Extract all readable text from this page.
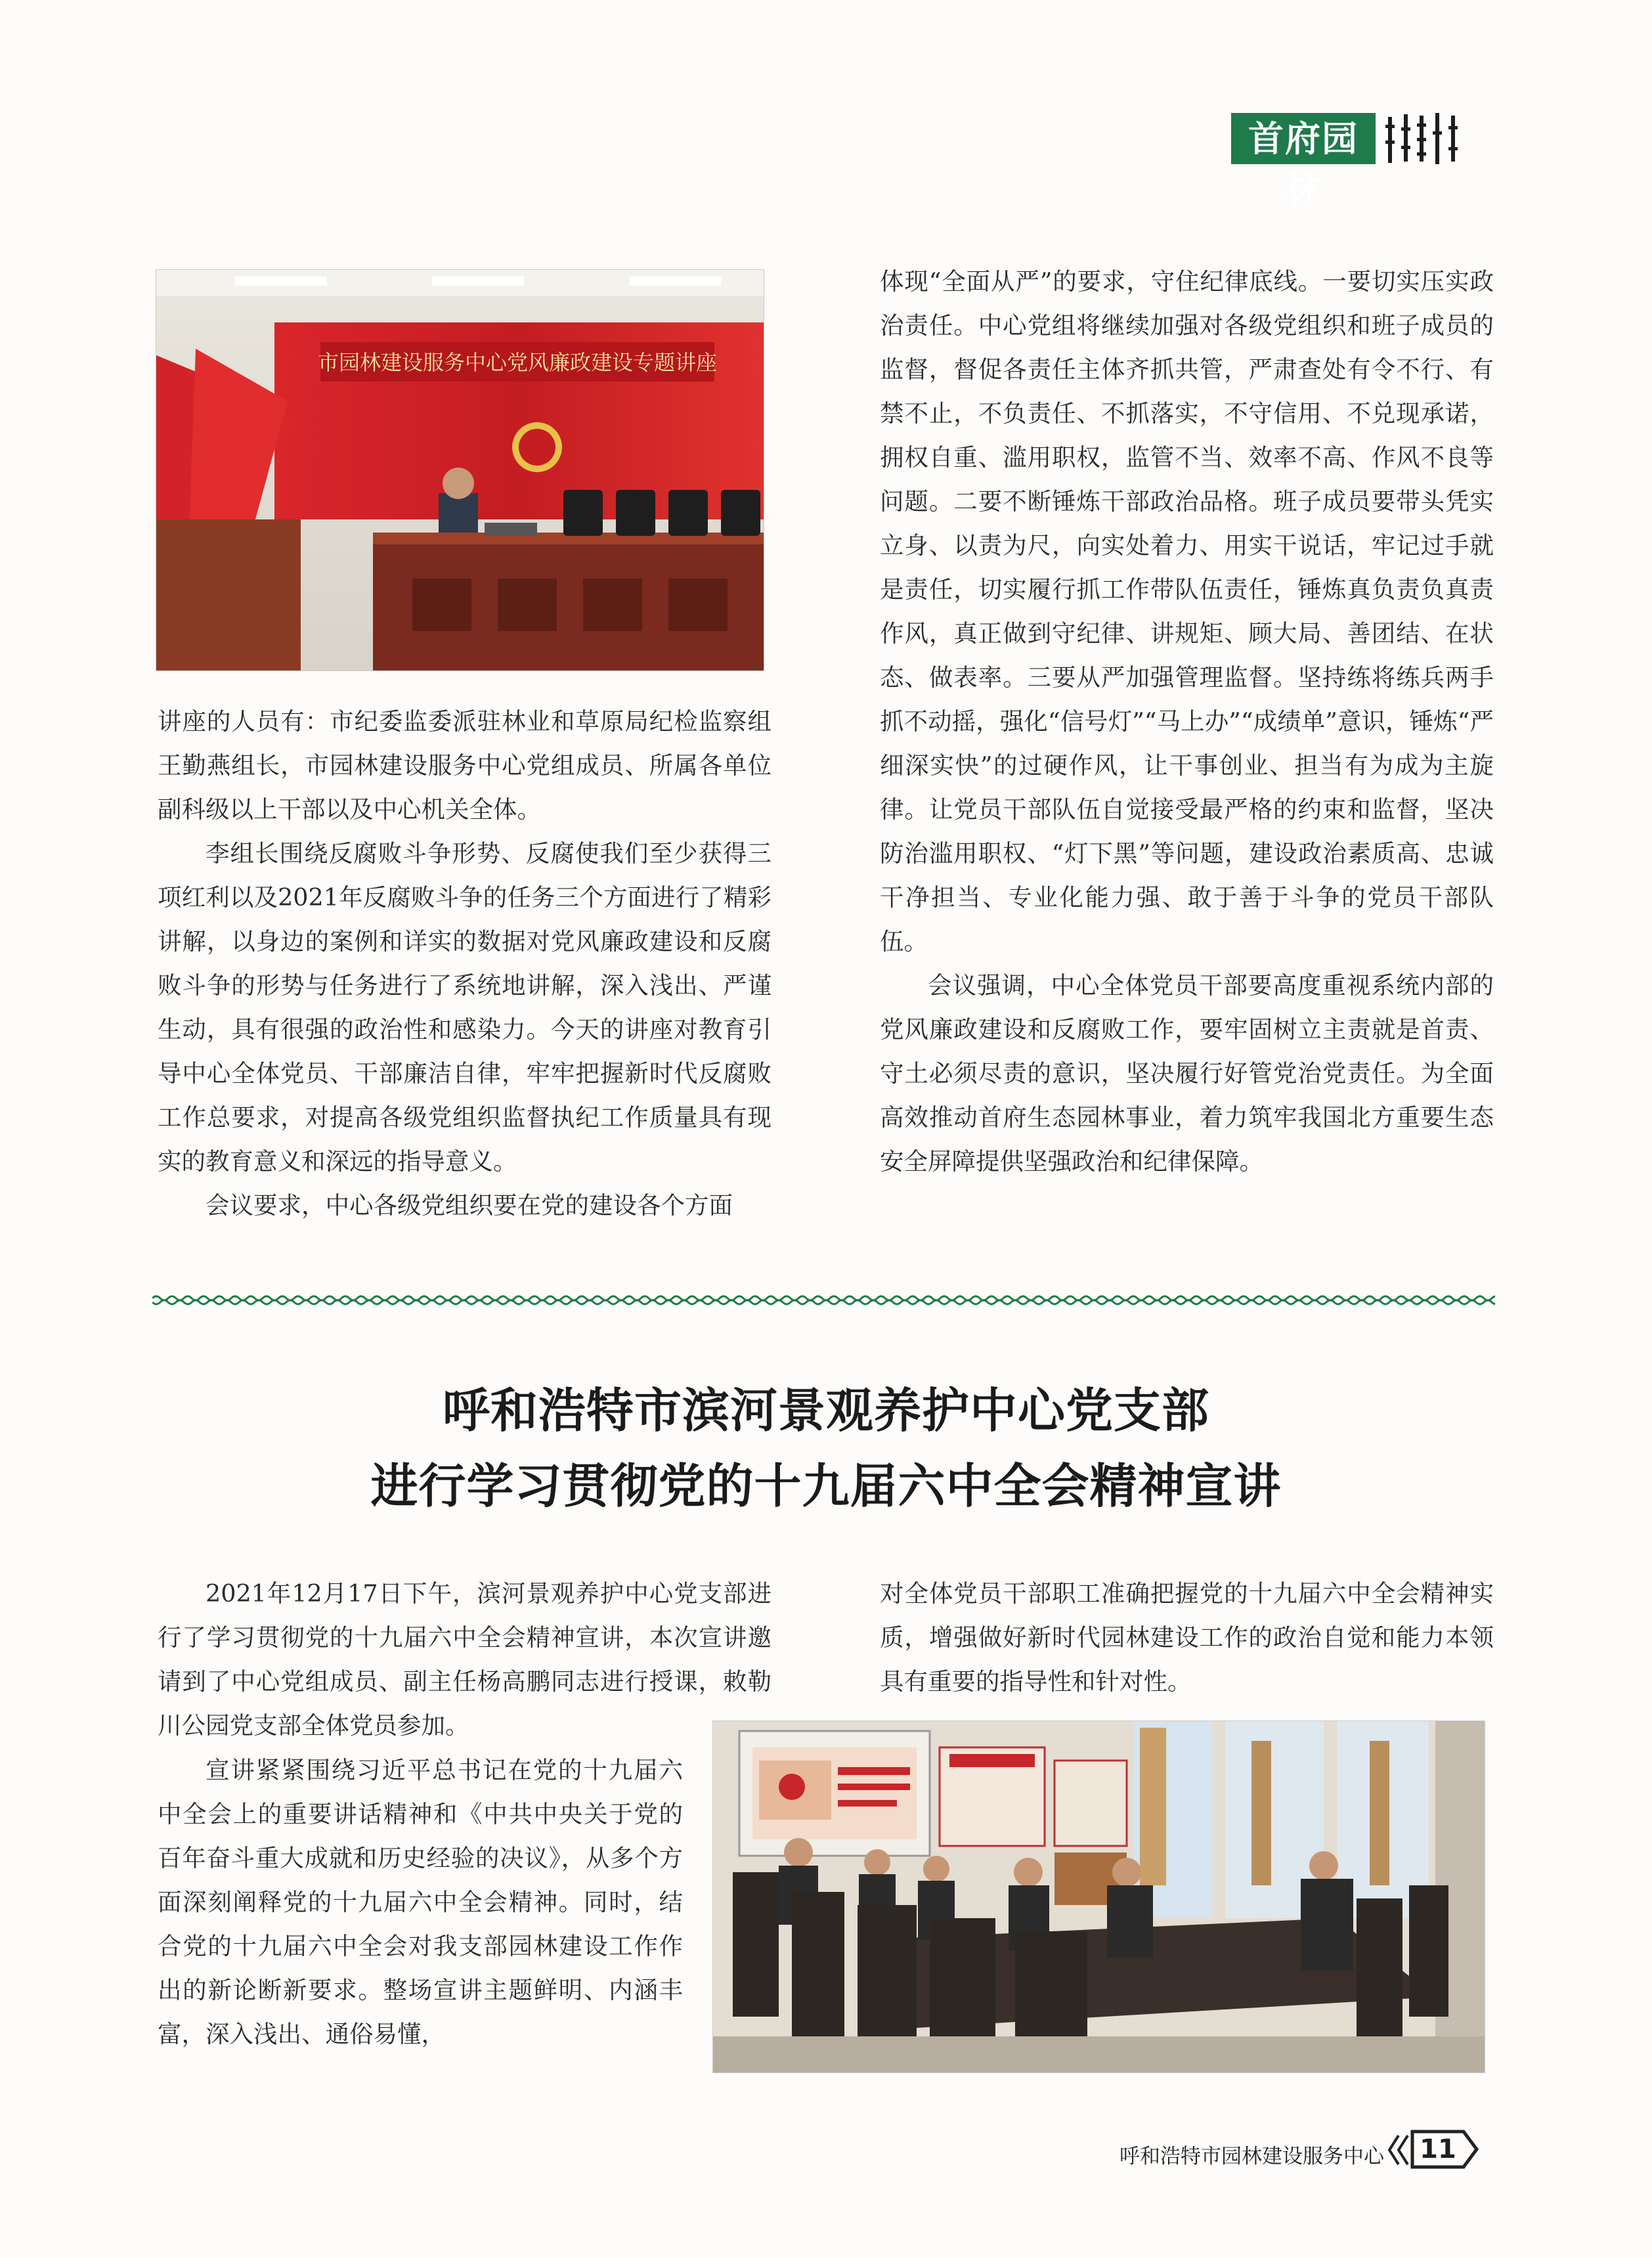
首府园林
市园林建设服务中心党风廉政建设专题讲座

讲座的人员有：市纪委监委派驻林业和草原局纪检监察组王勤燕组长，市园林建设服务中心党组成员、所属各单位副科级以上干部以及中心机关全体。

李组长围绕反腐败斗争形势、反腐使我们至少获得三项红利以及2021年反腐败斗争的任务三个方面进行了精彩讲解，以身边的案例和详实的数据对党风廉政建设和反腐败斗争的形势与任务进行了系统地讲解，深入浅出、严谨生动，具有很强的政治性和感染力。今天的讲座对教育引导中心全体党员、干部廉洁自律，牢牢把握新时代反腐败工作总要求，对提高各级党组织监督执纪工作质量具有现实的教育意义和深远的指导意义。

会议要求，中心各级党组织要在党的建设各个方面

体现“全面从严”的要求，守住纪律底线。一要切实压实政治责任。中心党组将继续加强对各级党组织和班子成员的监督，督促各责任主体齐抓共管，严肃查处有令不行、有禁不止，不负责任、不抓落实，不守信用、不兑现承诺，拥权自重、滥用职权，监管不当、效率不高、作风不良等问题。二要不断锤炼干部政治品格。班子成员要带头凭实立身、以责为尺，向实处着力、用实干说话，牢记过手就是责任，切实履行抓工作带队伍责任，锤炼真负责负真责作风，真正做到守纪律、讲规矩、顾大局、善团结、在状态、做表率。三要从严加强管理监督。坚持练将练兵两手抓不动摇，强化“信号灯”“马上办”“成绩单”意识，锤炼“严细深实快”的过硬作风，让干事创业、担当有为成为主旋律。让党员干部队伍自觉接受最严格的约束和监督，坚决防治滥用职权、“灯下黑”等问题，建设政治素质高、忠诚干净担当、专业化能力强、敢于善于斗争的党员干部队伍。

会议强调，中心全体党员干部要高度重视系统内部的党风廉政建设和反腐败工作，要牢固树立主责就是首责、守土必须尽责的意识，坚决履行好管党治党责任。为全面高效推动首府生态园林事业，着力筑牢我国北方重要生态安全屏障提供坚强政治和纪律保障。

呼和浩特市滨河景观养护中心党支部
进行学习贯彻党的十九届六中全会精神宣讲

2021年12月17日下午，滨河景观养护中心党支部进行了学习贯彻党的十九届六中全会精神宣讲，本次宣讲邀请到了中心党组成员、副主任杨高鹏同志进行授课，敕勒川公园党支部全体党员参加。

宣讲紧紧围绕习近平总书记在党的十九届六中全会上的重要讲话精神和《中共中央关于党的百年奋斗重大成就和历史经验的决议》，从多个方面深刻阐释党的十九届六中全会精神。同时，结合党的十九届六中全会对我支部园林建设工作作出的新论断新要求。整场宣讲主题鲜明、内涵丰富，深入浅出、通俗易懂，

对全体党员干部职工准确把握党的十九届六中全会精神实质，增强做好新时代园林建设工作的政治自觉和能力本领具有重要的指导性和针对性。

呼和浩特市园林建设服务中心	11
